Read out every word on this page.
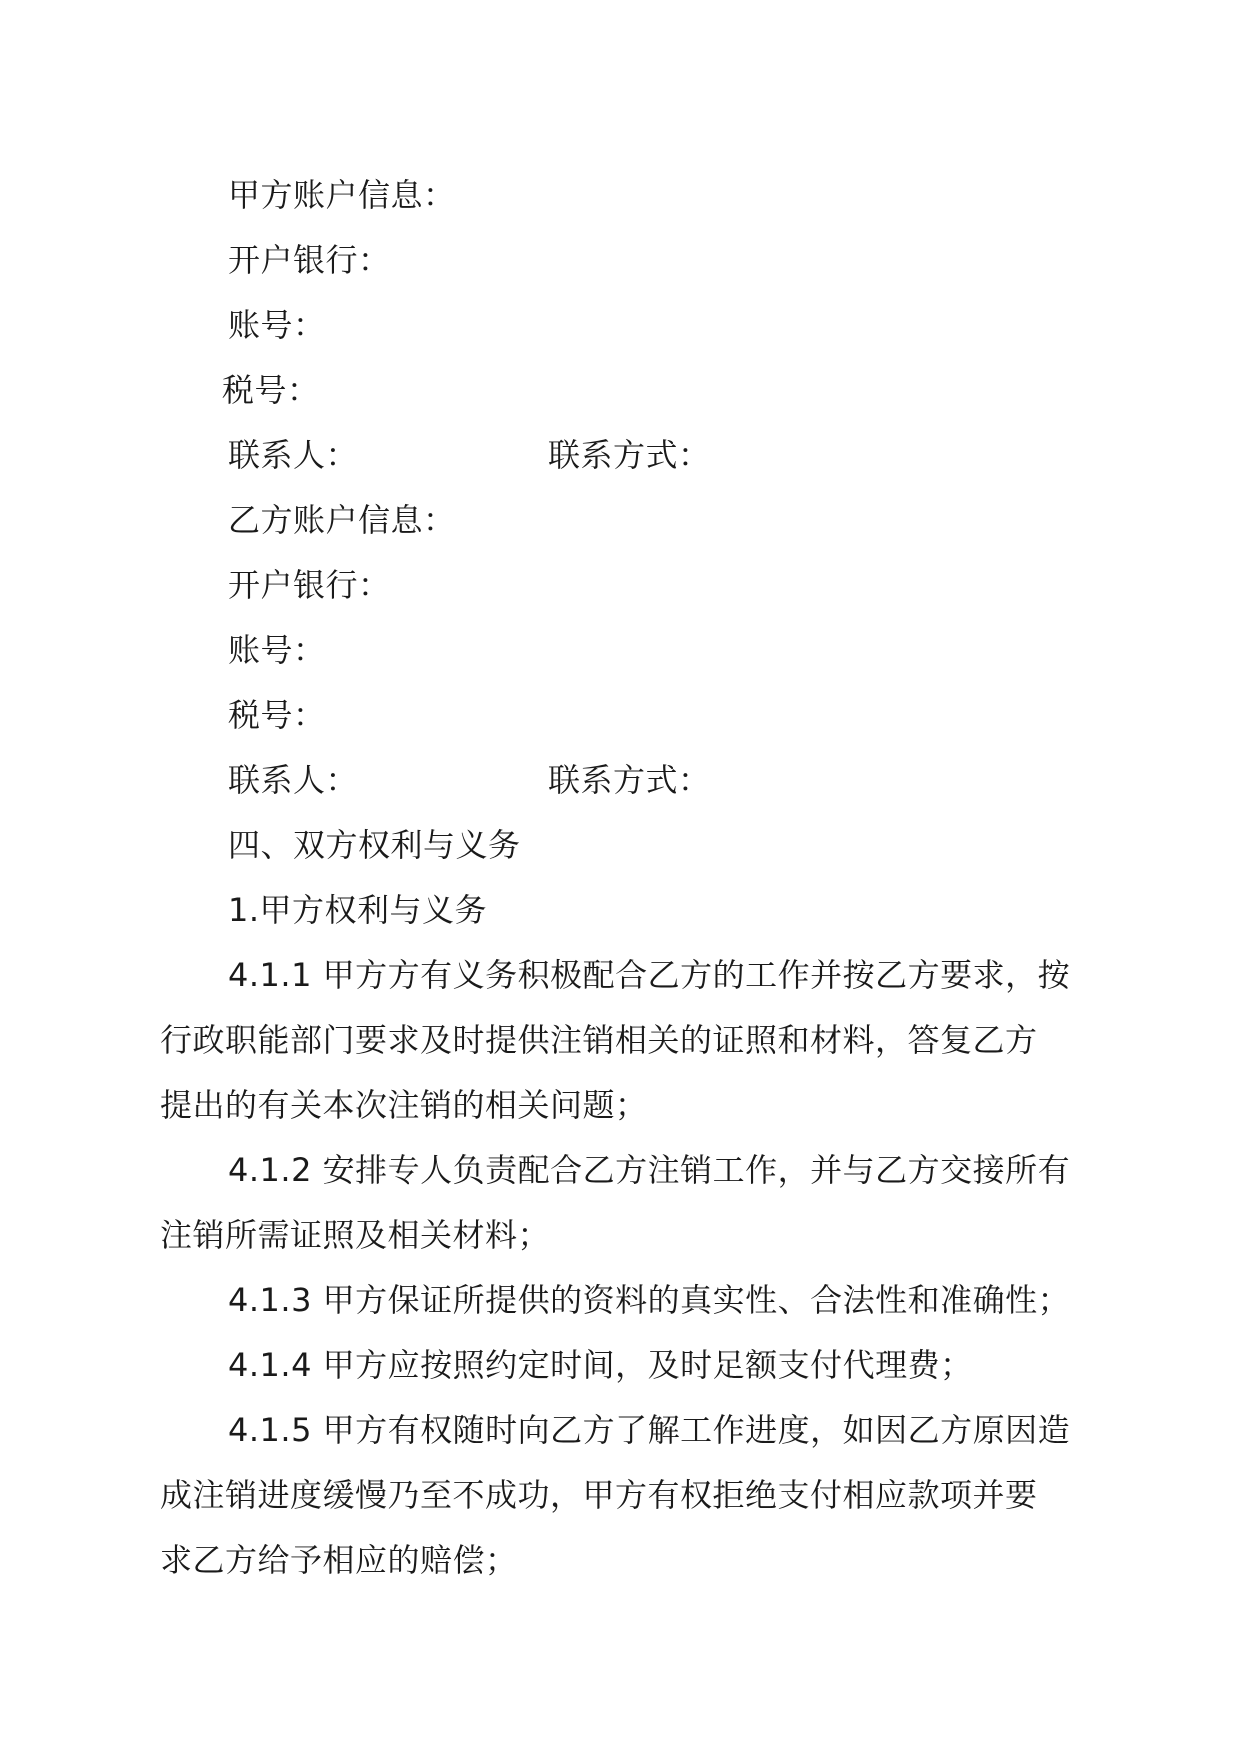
甲方账户信息：
开户银行：
账号：
税号：
联系人：	联系方式：
乙方账户信息：
开户银行：
账号：
税号：
联系人：	联系方式：
四、双方权利与义务
1.甲方权利与义务
4.1.1 甲方方有义务积极配合乙方的工作并按乙方要求，按
行政职能部门要求及时提供注销相关的证照和材料，答复乙方
提出的有关本次注销的相关问题；
4.1.2 安排专人负责配合乙方注销工作，并与乙方交接所有
注销所需证照及相关材料；
4.1.3 甲方保证所提供的资料的真实性、合法性和准确性；
4.1.4 甲方应按照约定时间，及时足额支付代理费；
4.1.5 甲方有权随时向乙方了解工作进度，如因乙方原因造
成注销进度缓慢乃至不成功，甲方有权拒绝支付相应款项并要
求乙方给予相应的赔偿；
